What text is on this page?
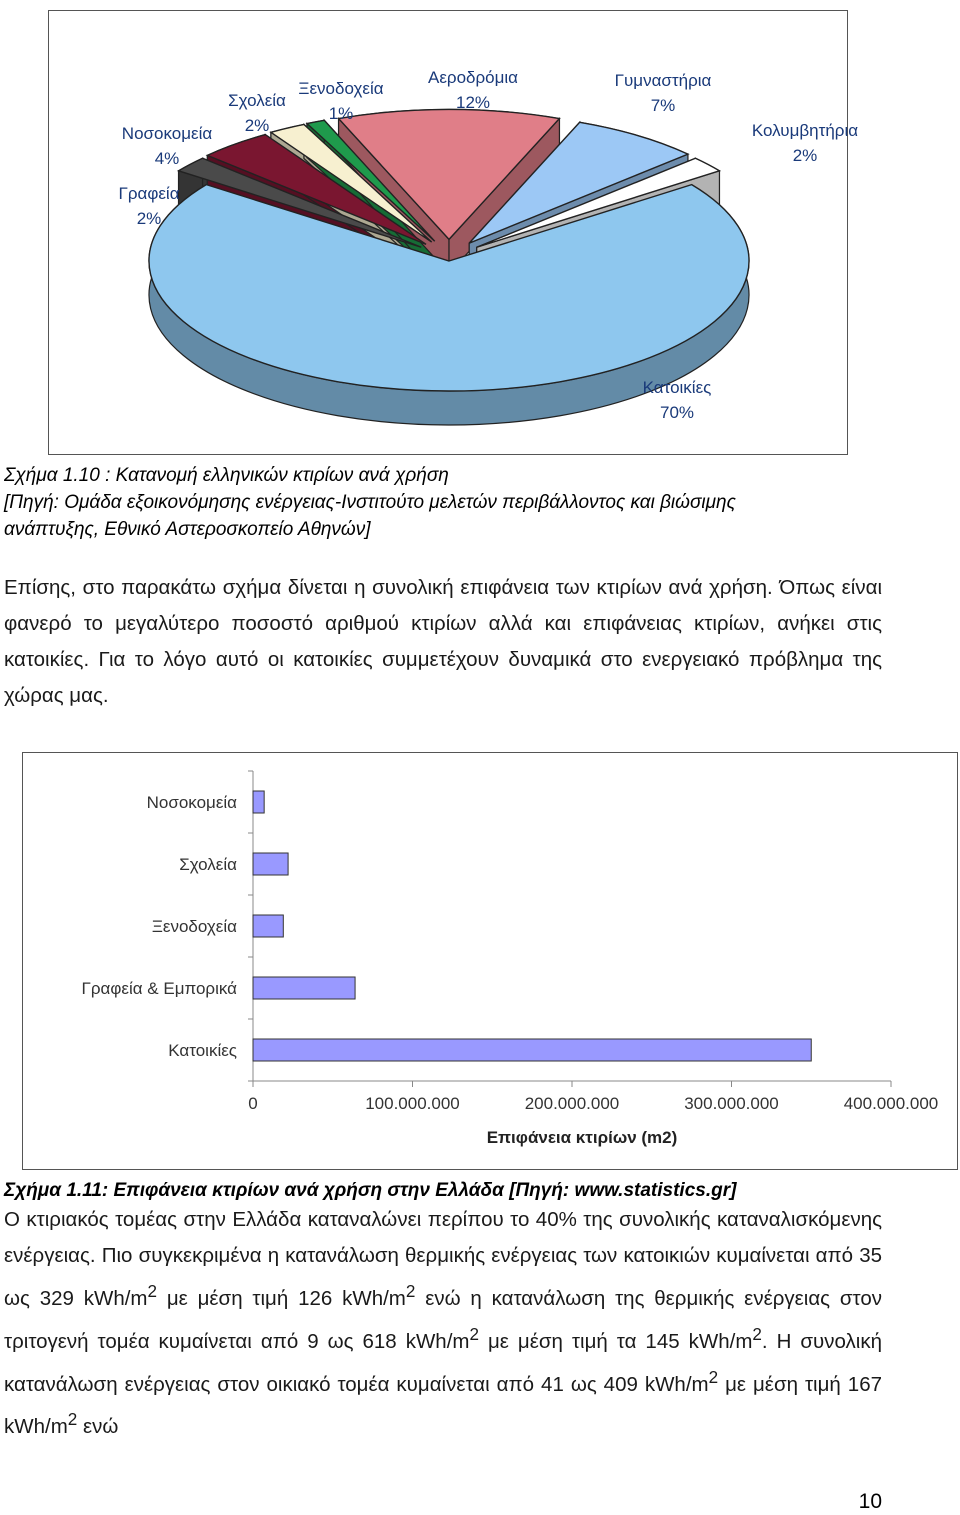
Κατοικίες
70%
Γραφεία
2%
Νοσοκομεία
4%
Σχολεία
2%
Ξενοδοχεία
1%
Αεροδρόμια
12%
Γυμναστήρια
7%
Κολυμβητήρια
2%
Σχήμα 1.10 : Κατανομή ελληνικών κτιρίων ανά χρήση
[Πηγή: Ομάδα εξοικονόμησης ενέργειας-Ινστιτούτο μελετών περιβάλλοντος και βιώσιμης
ανάπτυξης, Εθνικό Αστεροσκοπείο Αθηνών]

Επίσης, στο παρακάτω σχήμα δίνεται η συνολική επιφάνεια των κτιρίων ανά χρήση. Όπως είναι φανερό το μεγαλύτερο ποσοστό αριθμού κτιρίων αλλά και επιφάνειας κτιρίων, ανήκει στις κατοικίες. Για το λόγο αυτό οι κατοικίες συμμετέχουν δυναμικά στο ενεργειακό πρόβλημα της χώρας μας.

0	100.000.000	200.000.000	300.000.000	400.000.000
Νοσοκομεία
Σχολεία
Ξενοδοχεία
Γραφεία & Εμπορικά
Κατοικίες
Επιφάνεια κτιρίων (m2)
Σχήμα 1.11: Επιφάνεια κτιρίων ανά χρήση στην Ελλάδα [Πηγή: www.statistics.gr]

Ο κτιριακός τομέας στην Ελλάδα καταναλώνει περίπου το 40% της συνολικής καταναλισκόμενης ενέργειας. Πιο συγκεκριμένα η κατανάλωση θερμικής ενέργειας των κατοικιών κυμαίνεται από 35 ως 329 kWh/$m^2$ με μέση τιμή 126 kWh/$m^2$ ενώ η κατανάλωση της θερμικής ενέργειας στον τριτογενή τομέα κυμαίνεται από 9 ως 618 kWh/$m^2$ με μέση τιμή τα 145 kWh/$m^2$. Η συνολική κατανάλωση ενέργειας στον οικιακό τομέα κυμαίνεται από 41 ως 409 kWh/$m^2$ με μέση τιμή 167 kWh/$m^2$ ενώ

10
